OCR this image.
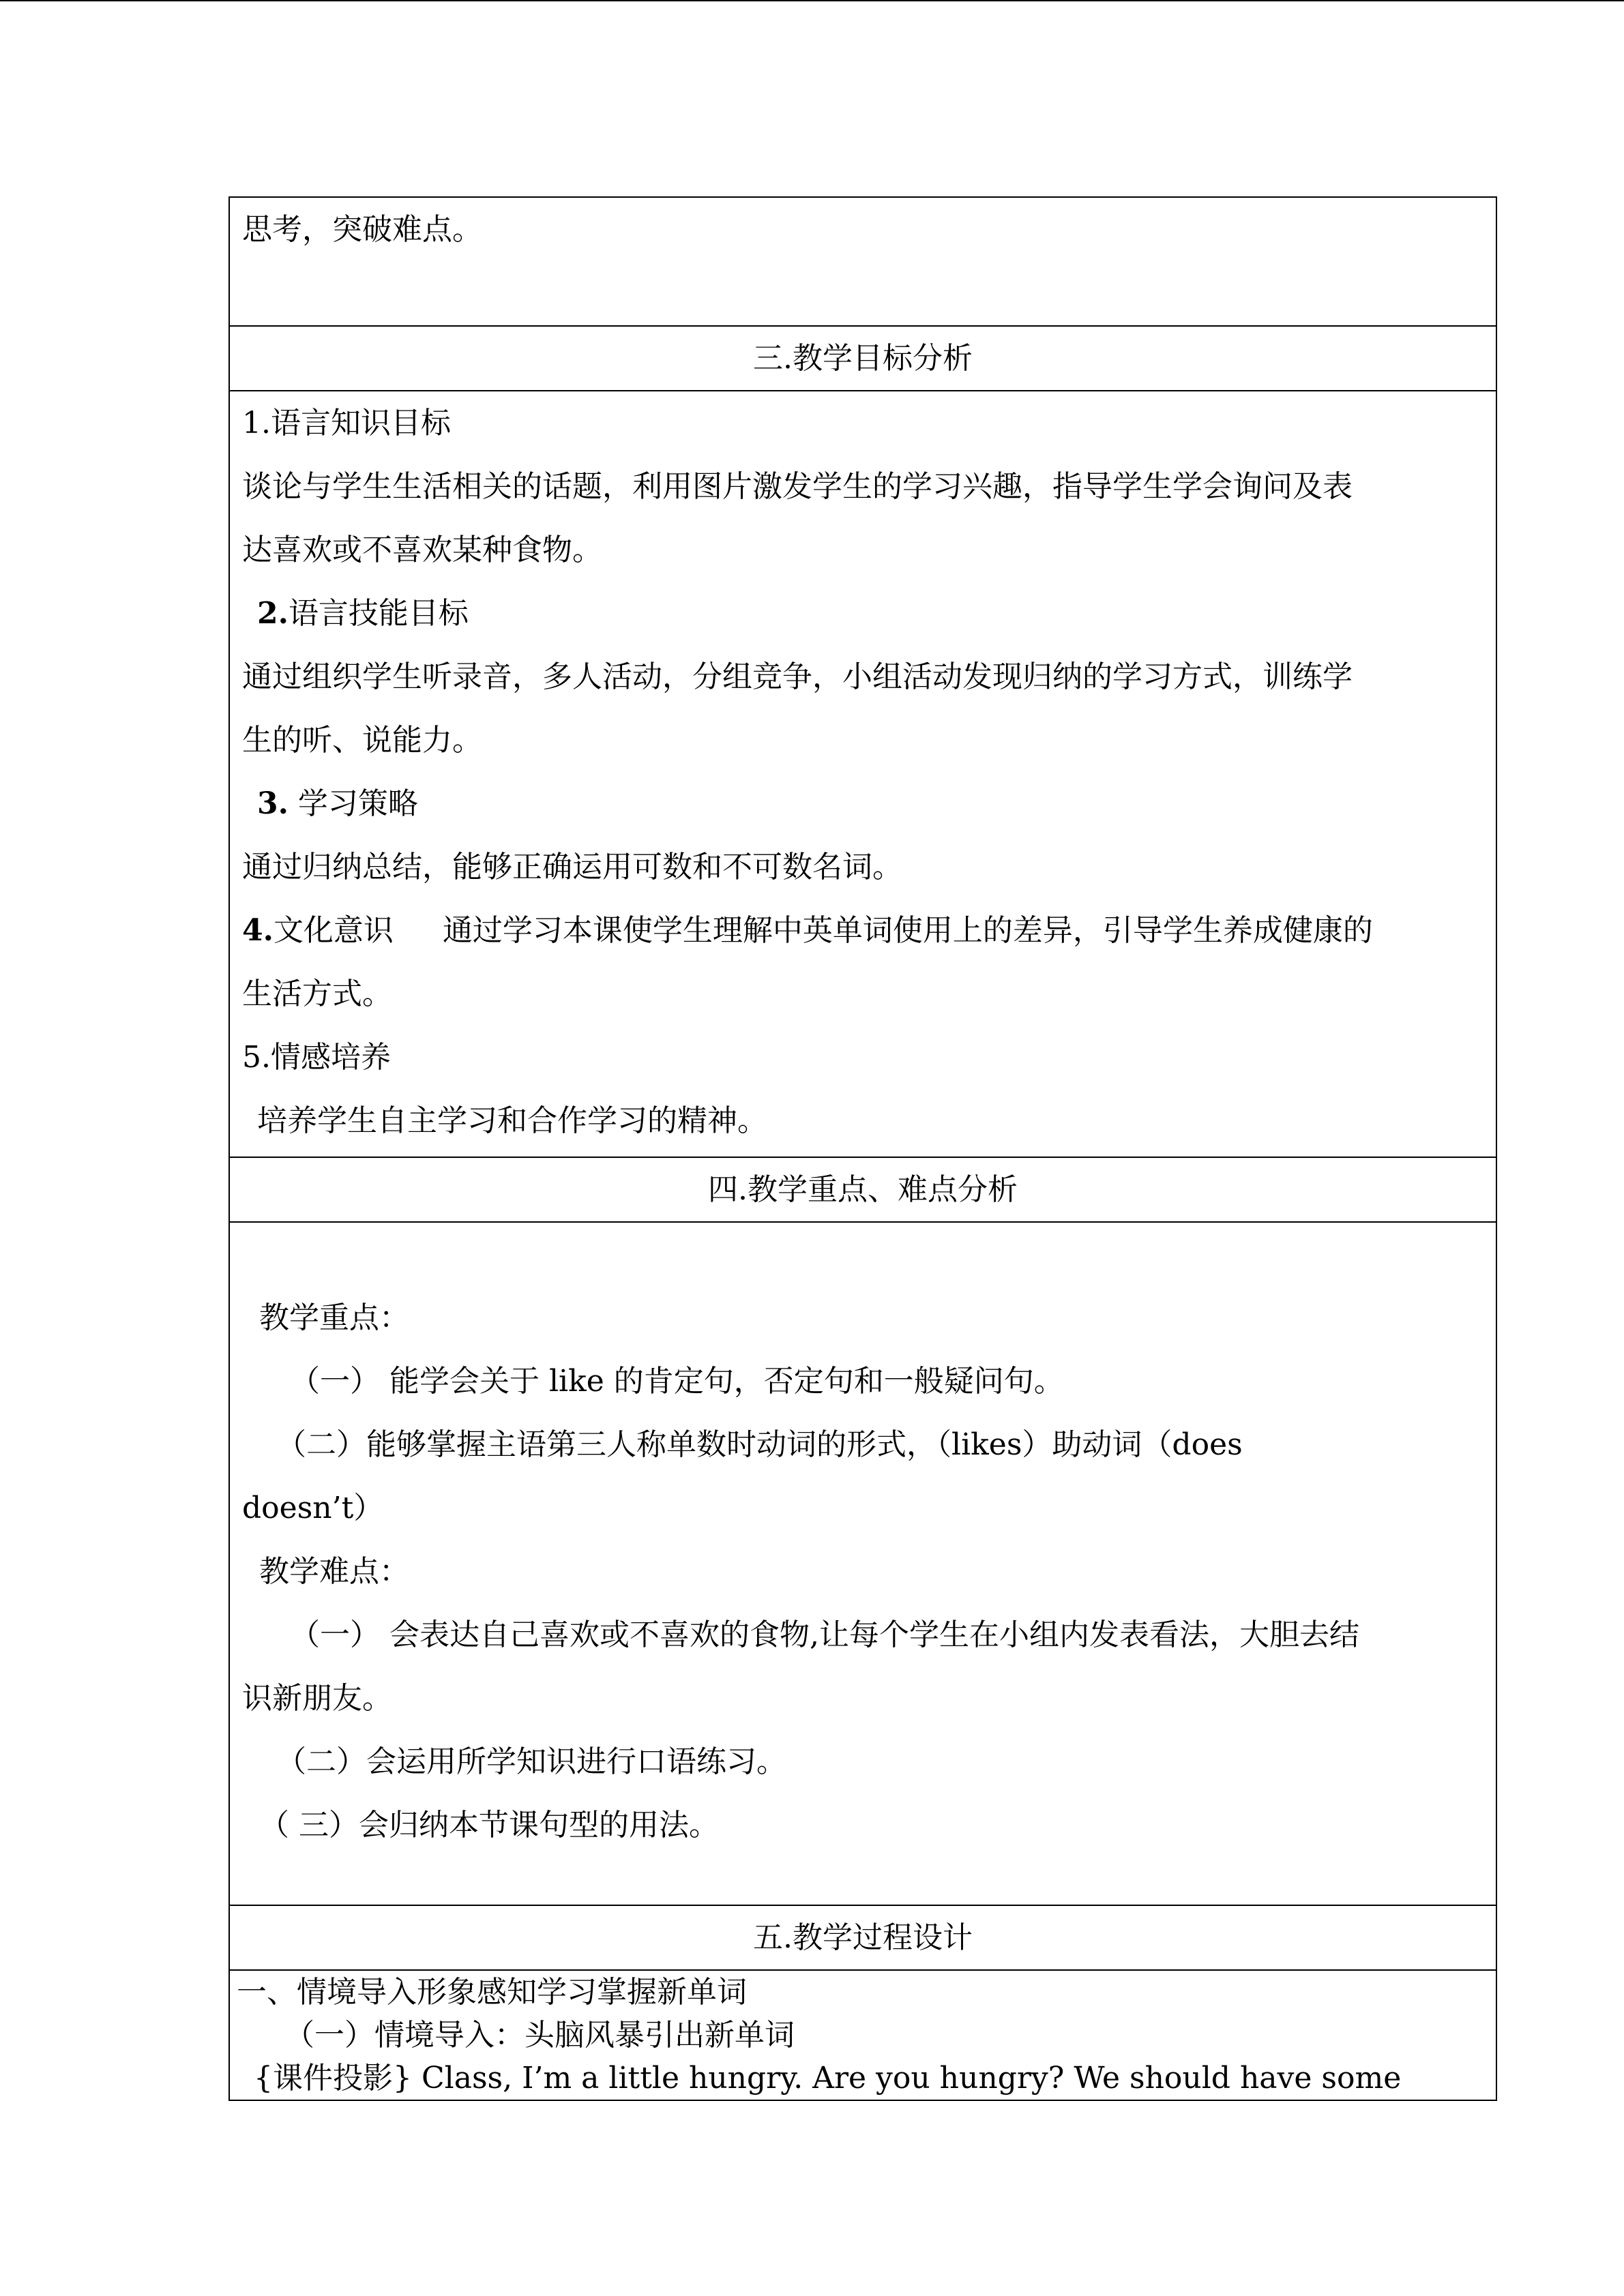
思考，突破难点。

三.教学目标分析

1.语言知识目标
谈论与学生生活相关的话题，利用图片激发学生的学习兴趣，指导学生学会询问及表
达喜欢或不喜欢某种食物。
2.语言技能目标
通过组织学生听录音，多人活动，分组竞争，小组活动发现归纳的学习方式，训练学
生的听、说能力。
3. 学习策略
通过归纳总结，能够正确运用可数和不可数名词。
4.文化意识 通过学习本课使学生理解中英单词使用上的差异，引导学生养成健康的
生活方式。
5.情感培养
培养学生自主学习和合作学习的精神。

四.教学重点、难点分析

教学重点：
（一） 能学会关于 like 的肯定句，否定句和一般疑问句。
（二）能够掌握主语第三人称单数时动词的形式，（likes）助动词（does
doesn’t）
教学难点：
（一） 会表达自己喜欢或不喜欢的食物,让每个学生在小组内发表看法，大胆去结
识新朋友。
（二）会运用所学知识进行口语练习。
（ 三）会归纳本节课句型的用法。

五.教学过程设计

一、情境导入形象感知学习掌握新单词
（一）情境导入：头脑风暴引出新单词
{课件投影} Class, I’m a little hungry. Are you hungry? We should have some
